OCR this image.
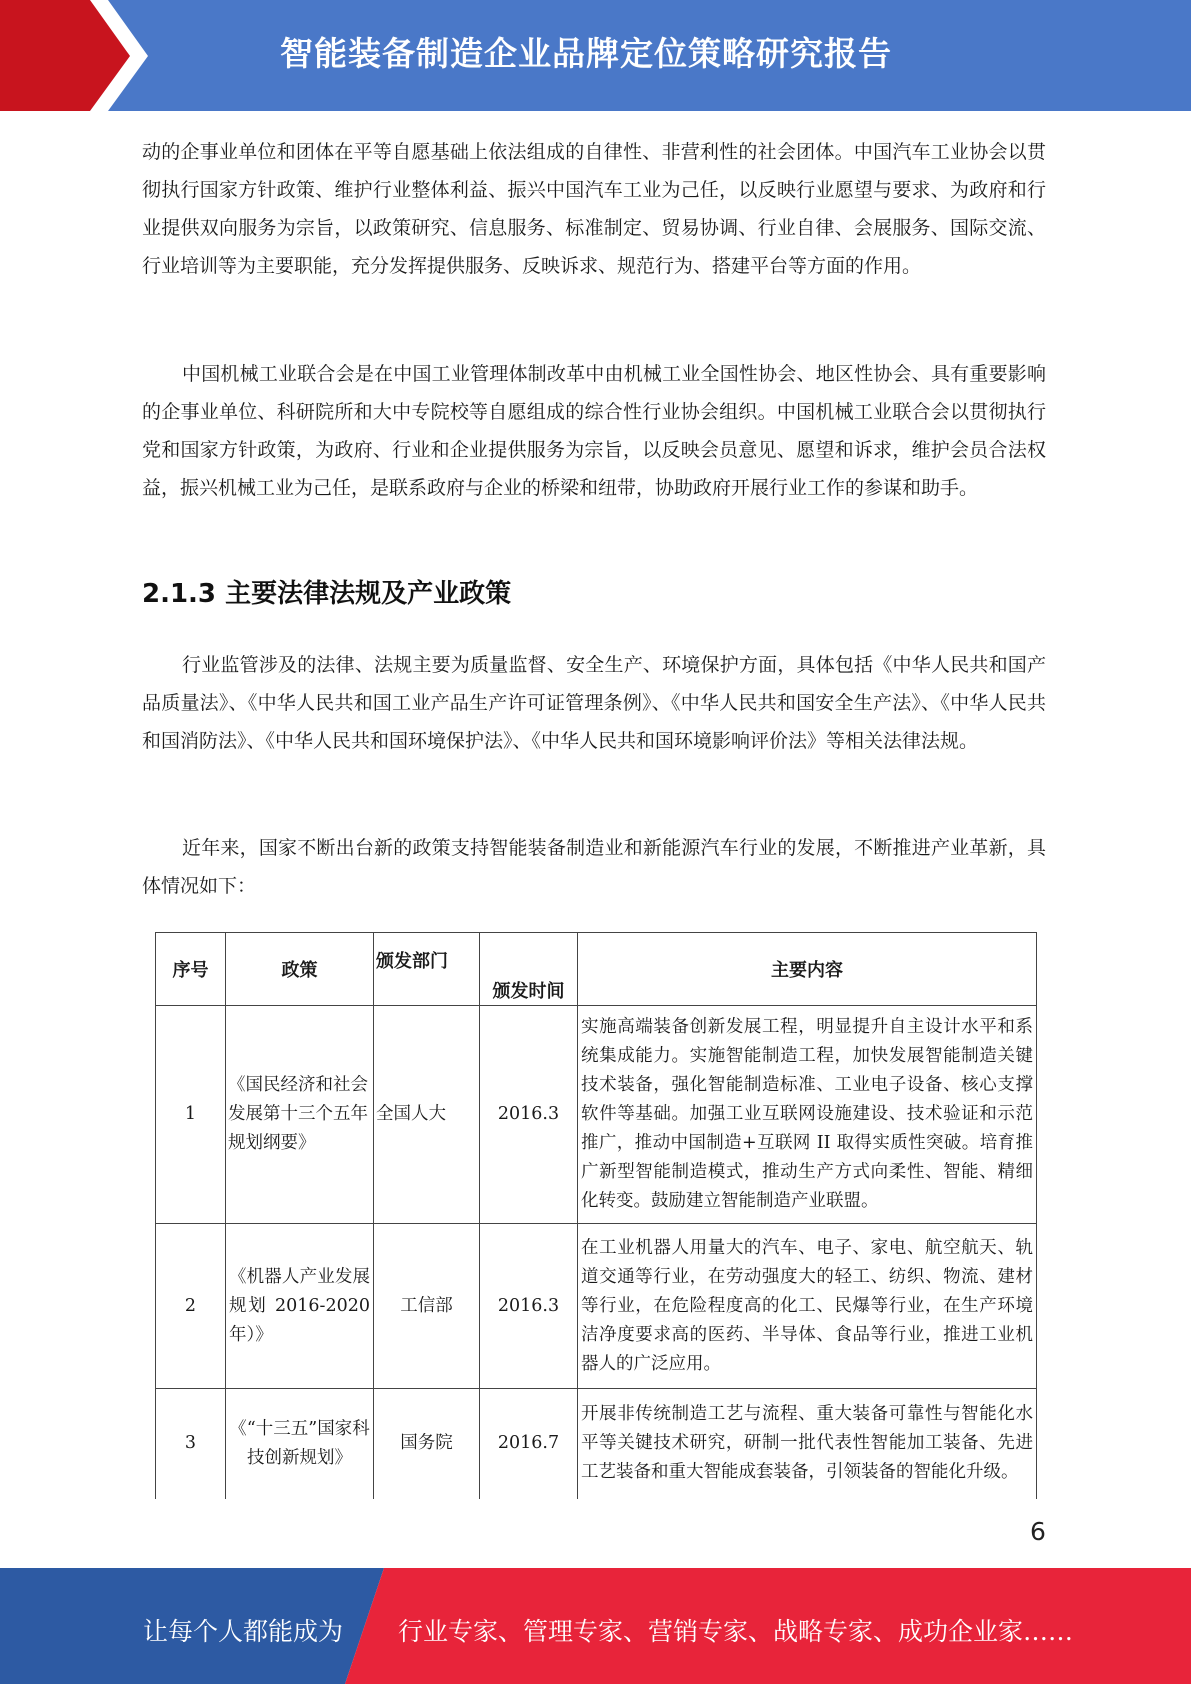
智能装备制造企业品牌定位策略研究报告

动的企事业单位和团体在平等自愿基础上依法组成的自律性、非营利性的社会团体。中国汽车工业协会以贯彻执行国家方针政策、维护行业整体利益、振兴中国汽车工业为己任，以反映行业愿望与要求、为政府和行业提供双向服务为宗旨，以政策研究、信息服务、标准制定、贸易协调、行业自律、会展服务、国际交流、行业培训等为主要职能，充分发挥提供服务、反映诉求、规范行为、搭建平台等方面的作用。

中国机械工业联合会是在中国工业管理体制改革中由机械工业全国性协会、地区性协会、具有重要影响的企事业单位、科研院所和大中专院校等自愿组成的综合性行业协会组织。中国机械工业联合会以贯彻执行党和国家方针政策，为政府、行业和企业提供服务为宗旨，以反映会员意见、愿望和诉求，维护会员合法权益，振兴机械工业为己任，是联系政府与企业的桥梁和纽带，协助政府开展行业工作的参谋和助手。

2.1.3 主要法律法规及产业政策

行业监管涉及的法律、法规主要为质量监督、安全生产、环境保护方面，具体包括《中华人民共和国产品质量法》、《中华人民共和国工业产品生产许可证管理条例》、《中华人民共和国安全生产法》、《中华人民共和国消防法》、《中华人民共和国环境保护法》、《中华人民共和国环境影响评价法》等相关法律法规。

近年来，国家不断出台新的政策支持智能装备制造业和新能源汽车行业的发展，不断推进产业革新，具体情况如下：

序号	政策	颁发部门	颁发时间	主要内容
1	《国民经济和社会发展第十三个五年规划纲要》	全国人大	2016.3	实施高端装备创新发展工程，明显提升自主设计水平和系统集成能力。实施智能制造工程，加快发展智能制造关键技术装备，强化智能制造标准、工业电子设备、核心支撑软件等基础。加强工业互联网设施建设、技术验证和示范推广，推动中国制造+互联网 II 取得实质性突破。培育推广新型智能制造模式，推动生产方式向柔性、智能、精细化转变。鼓励建立智能制造产业联盟。
2	《机器人产业发展规划 2016-2020 年）》	工信部	2016.3	在工业机器人用量大的汽车、电子、家电、航空航天、轨道交通等行业，在劳动强度大的轻工、纺织、物流、建材等行业，在危险程度高的化工、民爆等行业，在生产环境洁净度要求高的医药、半导体、食品等行业，推进工业机器人的广泛应用。
3	《“十三五”国家科技创新规划》	国务院	2016.7	开展非传统制造工艺与流程、重大装备可靠性与智能化水平等关键技术研究，研制一批代表性智能加工装备、先进工艺装备和重大智能成套装备，引领装备的智能化升级。
6
让每个人都能成为 行业专家、管理专家、营销专家、战略专家、成功企业家……
